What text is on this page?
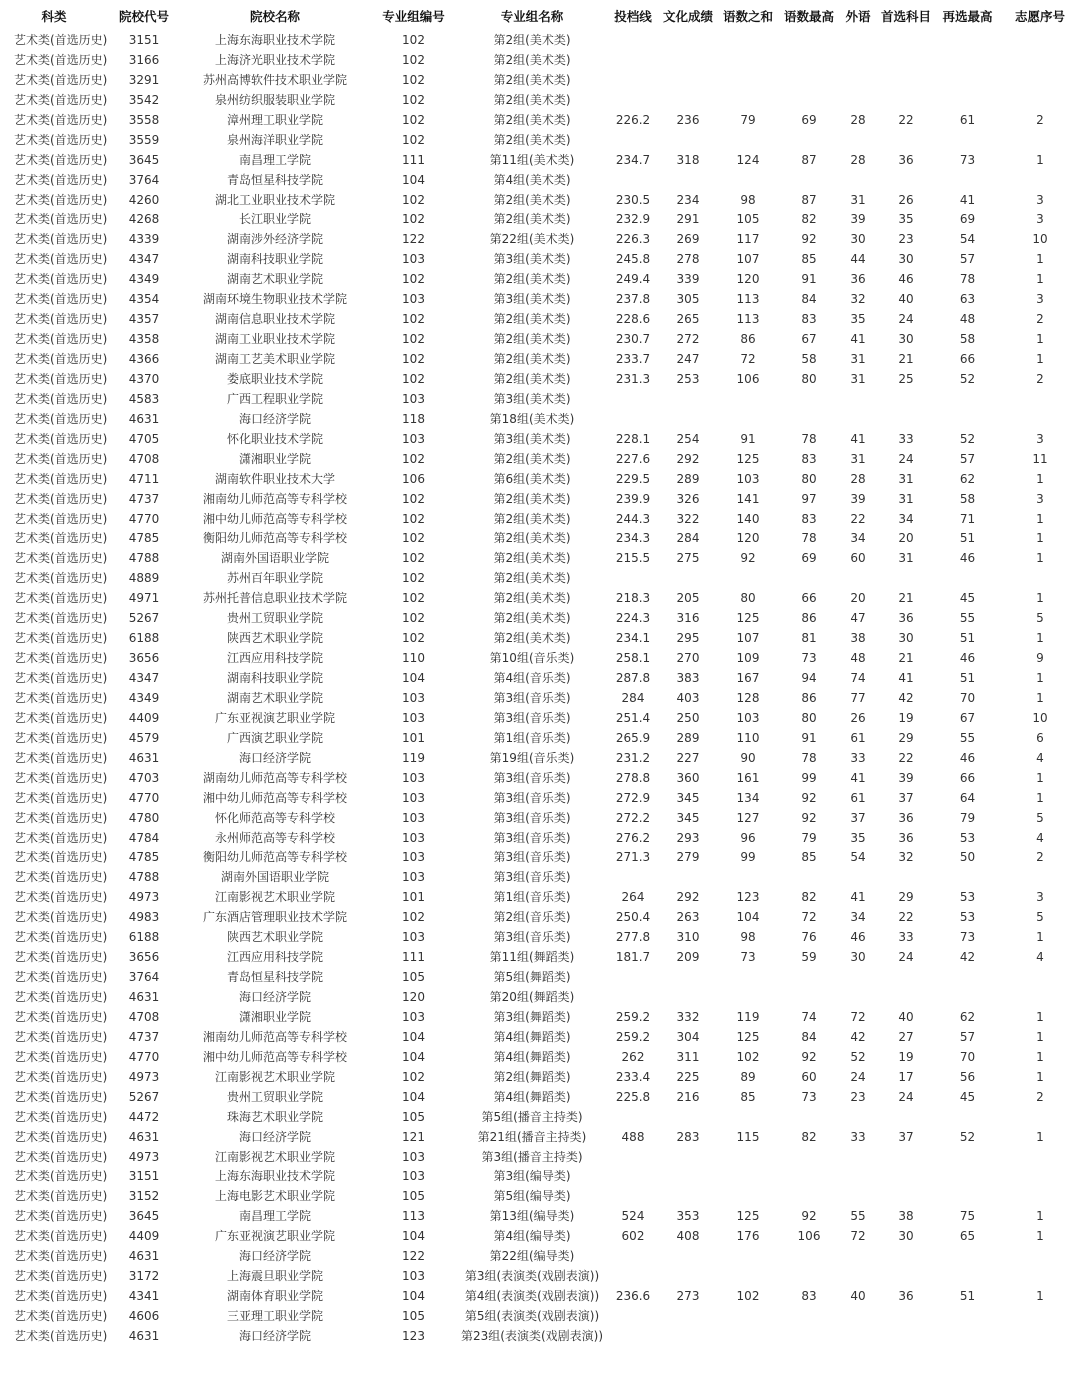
科类	院校代号	院校名称	专业组编号	专业组名称	投档线	文化成绩	语数之和	语数最高	外语	首选科目	再选最高	志愿序号
艺术类(首选历史)	3151	上海东海职业技术学院	102	第2组(美术类)								
艺术类(首选历史)	3166	上海济光职业技术学院	102	第2组(美术类)								
艺术类(首选历史)	3291	苏州高博软件技术职业学院	102	第2组(美术类)								
艺术类(首选历史)	3542	泉州纺织服装职业学院	102	第2组(美术类)								
艺术类(首选历史)	3558	漳州理工职业学院	102	第2组(美术类)	226.2	236	79	69	28	22	61	2
艺术类(首选历史)	3559	泉州海洋职业学院	102	第2组(美术类)								
艺术类(首选历史)	3645	南昌理工学院	111	第11组(美术类)	234.7	318	124	87	28	36	73	1
艺术类(首选历史)	3764	青岛恒星科技学院	104	第4组(美术类)								
艺术类(首选历史)	4260	湖北工业职业技术学院	102	第2组(美术类)	230.5	234	98	87	31	26	41	3
艺术类(首选历史)	4268	长江职业学院	102	第2组(美术类)	232.9	291	105	82	39	35	69	3
艺术类(首选历史)	4339	湖南涉外经济学院	122	第22组(美术类)	226.3	269	117	92	30	23	54	10
艺术类(首选历史)	4347	湖南科技职业学院	103	第3组(美术类)	245.8	278	107	85	44	30	57	1
艺术类(首选历史)	4349	湖南艺术职业学院	102	第2组(美术类)	249.4	339	120	91	36	46	78	1
艺术类(首选历史)	4354	湖南环境生物职业技术学院	103	第3组(美术类)	237.8	305	113	84	32	40	63	3
艺术类(首选历史)	4357	湖南信息职业技术学院	102	第2组(美术类)	228.6	265	113	83	35	24	48	2
艺术类(首选历史)	4358	湖南工业职业技术学院	102	第2组(美术类)	230.7	272	86	67	41	30	58	1
艺术类(首选历史)	4366	湖南工艺美术职业学院	102	第2组(美术类)	233.7	247	72	58	31	21	66	1
艺术类(首选历史)	4370	娄底职业技术学院	102	第2组(美术类)	231.3	253	106	80	31	25	52	2
艺术类(首选历史)	4583	广西工程职业学院	103	第3组(美术类)								
艺术类(首选历史)	4631	海口经济学院	118	第18组(美术类)								
艺术类(首选历史)	4705	怀化职业技术学院	103	第3组(美术类)	228.1	254	91	78	41	33	52	3
艺术类(首选历史)	4708	潇湘职业学院	102	第2组(美术类)	227.6	292	125	83	31	24	57	11
艺术类(首选历史)	4711	湖南软件职业技术大学	106	第6组(美术类)	229.5	289	103	80	28	31	62	1
艺术类(首选历史)	4737	湘南幼儿师范高等专科学校	102	第2组(美术类)	239.9	326	141	97	39	31	58	3
艺术类(首选历史)	4770	湘中幼儿师范高等专科学校	102	第2组(美术类)	244.3	322	140	83	22	34	71	1
艺术类(首选历史)	4785	衡阳幼儿师范高等专科学校	102	第2组(美术类)	234.3	284	120	78	34	20	51	1
艺术类(首选历史)	4788	湖南外国语职业学院	102	第2组(美术类)	215.5	275	92	69	60	31	46	1
艺术类(首选历史)	4889	苏州百年职业学院	102	第2组(美术类)								
艺术类(首选历史)	4971	苏州托普信息职业技术学院	102	第2组(美术类)	218.3	205	80	66	20	21	45	1
艺术类(首选历史)	5267	贵州工贸职业学院	102	第2组(美术类)	224.3	316	125	86	47	36	55	5
艺术类(首选历史)	6188	陕西艺术职业学院	102	第2组(美术类)	234.1	295	107	81	38	30	51	1
艺术类(首选历史)	3656	江西应用科技学院	110	第10组(音乐类)	258.1	270	109	73	48	21	46	9
艺术类(首选历史)	4347	湖南科技职业学院	104	第4组(音乐类)	287.8	383	167	94	74	41	51	1
艺术类(首选历史)	4349	湖南艺术职业学院	103	第3组(音乐类)	284	403	128	86	77	42	70	1
艺术类(首选历史)	4409	广东亚视演艺职业学院	103	第3组(音乐类)	251.4	250	103	80	26	19	67	10
艺术类(首选历史)	4579	广西演艺职业学院	101	第1组(音乐类)	265.9	289	110	91	61	29	55	6
艺术类(首选历史)	4631	海口经济学院	119	第19组(音乐类)	231.2	227	90	78	33	22	46	4
艺术类(首选历史)	4703	湖南幼儿师范高等专科学校	103	第3组(音乐类)	278.8	360	161	99	41	39	66	1
艺术类(首选历史)	4770	湘中幼儿师范高等专科学校	103	第3组(音乐类)	272.9	345	134	92	61	37	64	1
艺术类(首选历史)	4780	怀化师范高等专科学校	103	第3组(音乐类)	272.2	345	127	92	37	36	79	5
艺术类(首选历史)	4784	永州师范高等专科学校	103	第3组(音乐类)	276.2	293	96	79	35	36	53	4
艺术类(首选历史)	4785	衡阳幼儿师范高等专科学校	103	第3组(音乐类)	271.3	279	99	85	54	32	50	2
艺术类(首选历史)	4788	湖南外国语职业学院	103	第3组(音乐类)								
艺术类(首选历史)	4973	江南影视艺术职业学院	101	第1组(音乐类)	264	292	123	82	41	29	53	3
艺术类(首选历史)	4983	广东酒店管理职业技术学院	102	第2组(音乐类)	250.4	263	104	72	34	22	53	5
艺术类(首选历史)	6188	陕西艺术职业学院	103	第3组(音乐类)	277.8	310	98	76	46	33	73	1
艺术类(首选历史)	3656	江西应用科技学院	111	第11组(舞蹈类)	181.7	209	73	59	30	24	42	4
艺术类(首选历史)	3764	青岛恒星科技学院	105	第5组(舞蹈类)								
艺术类(首选历史)	4631	海口经济学院	120	第20组(舞蹈类)								
艺术类(首选历史)	4708	潇湘职业学院	103	第3组(舞蹈类)	259.2	332	119	74	72	40	62	1
艺术类(首选历史)	4737	湘南幼儿师范高等专科学校	104	第4组(舞蹈类)	259.2	304	125	84	42	27	57	1
艺术类(首选历史)	4770	湘中幼儿师范高等专科学校	104	第4组(舞蹈类)	262	311	102	92	52	19	70	1
艺术类(首选历史)	4973	江南影视艺术职业学院	102	第2组(舞蹈类)	233.4	225	89	60	24	17	56	1
艺术类(首选历史)	5267	贵州工贸职业学院	104	第4组(舞蹈类)	225.8	216	85	73	23	24	45	2
艺术类(首选历史)	4472	珠海艺术职业学院	105	第5组(播音主持类)								
艺术类(首选历史)	4631	海口经济学院	121	第21组(播音主持类)	488	283	115	82	33	37	52	1
艺术类(首选历史)	4973	江南影视艺术职业学院	103	第3组(播音主持类)								
艺术类(首选历史)	3151	上海东海职业技术学院	103	第3组(编导类)								
艺术类(首选历史)	3152	上海电影艺术职业学院	105	第5组(编导类)								
艺术类(首选历史)	3645	南昌理工学院	113	第13组(编导类)	524	353	125	92	55	38	75	1
艺术类(首选历史)	4409	广东亚视演艺职业学院	104	第4组(编导类)	602	408	176	106	72	30	65	1
艺术类(首选历史)	4631	海口经济学院	122	第22组(编导类)								
艺术类(首选历史)	3172	上海震旦职业学院	103	第3组(表演类(戏剧表演))								
艺术类(首选历史)	4341	湖南体育职业学院	104	第4组(表演类(戏剧表演))	236.6	273	102	83	40	36	51	1
艺术类(首选历史)	4606	三亚理工职业学院	105	第5组(表演类(戏剧表演))								
艺术类(首选历史)	4631	海口经济学院	123	第23组(表演类(戏剧表演))								
